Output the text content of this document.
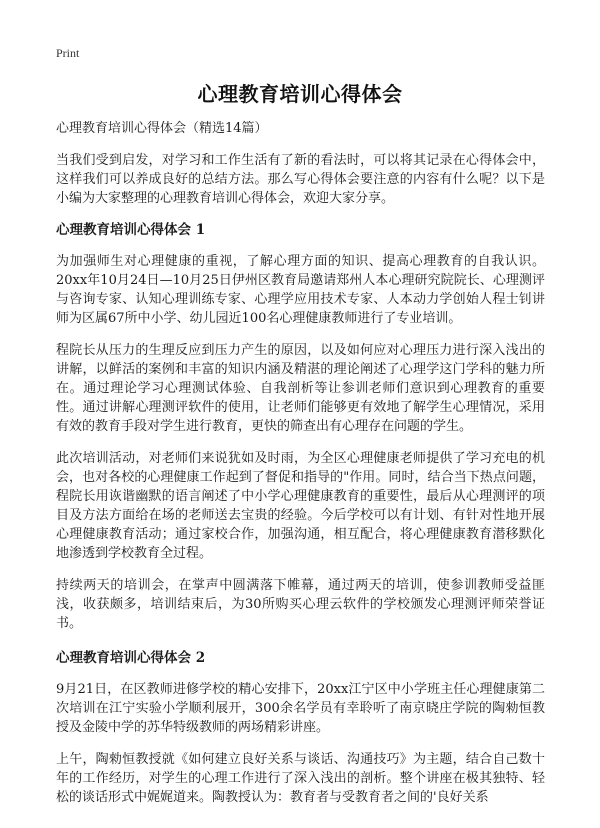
Print
心理教育培训心得体会
心理教育培训心得体会（精选14篇）

当我们受到启发，对学习和工作生活有了新的看法时，可以将其记录在心得体会中，这样我们可以养成良好的总结方法。那么写心得体会要注意的内容有什么呢？以下是小编为大家整理的心理教育培训心得体会，欢迎大家分享。

心理教育培训心得体会 1

为加强师生对心理健康的重视，了解心理方面的知识、提高心理教育的自我认识。20xx年10月24日—10月25日伊州区教育局邀请郑州人本心理研究院院长、心理测评与咨询专家、认知心理训练专家、心理学应用技术专家、人本动力学创始人程士钊讲师为区属67所中小学、幼儿园近100名心理健康教师进行了专业培训。

程院长从压力的生理反应到压力产生的原因，以及如何应对心理压力进行深入浅出的讲解，以鲜活的案例和丰富的知识内涵及精湛的理论阐述了心理学这门学科的魅力所在。通过理论学习心理测试体验、自我剖析等让参训老师们意识到心理教育的重要性。通过讲解心理测评软件的使用，让老师们能够更有效地了解学生心理情况，采用有效的教育手段对学生进行教育，更快的筛查出有心理存在问题的学生。

此次培训活动，对老师们来说犹如及时雨，为全区心理健康老师提供了学习充电的机会，也对各校的心理健康工作起到了督促和指导的"作用。同时，结合当下热点问题，程院长用诙谐幽默的语言阐述了中小学心理健康教育的重要性，最后从心理测评的项目及方法方面给在场的老师送去宝贵的经验。今后学校可以有计划、有针对性地开展心理健康教育活动；通过家校合作，加强沟通，相互配合，将心理健康教育潜移默化地渗透到学校教育全过程。

持续两天的培训会，在掌声中圆满落下帷幕，通过两天的培训，使参训教师受益匪浅，收获颇多，培训结束后，为30所购买心理云软件的学校颁发心理测评师荣誉证书。

心理教育培训心得体会 2

9月21日，在区教师进修学校的精心安排下，20xx江宁区中小学班主任心理健康第二次培训在江宁实验小学顺利展开，300余名学员有幸聆听了南京晓庄学院的陶勑恒教授及金陵中学的苏华特级教师的两场精彩讲座。

上午，陶勑恒教授就《如何建立良好关系与谈话、沟通技巧》为主题，结合自己数十年的工作经历，对学生的心理工作进行了深入浅出的剖析。整个讲座在极其独特、轻松的谈话形式中娓娓道来。陶教授认为：教育者与受教育者之间的'良好关系
